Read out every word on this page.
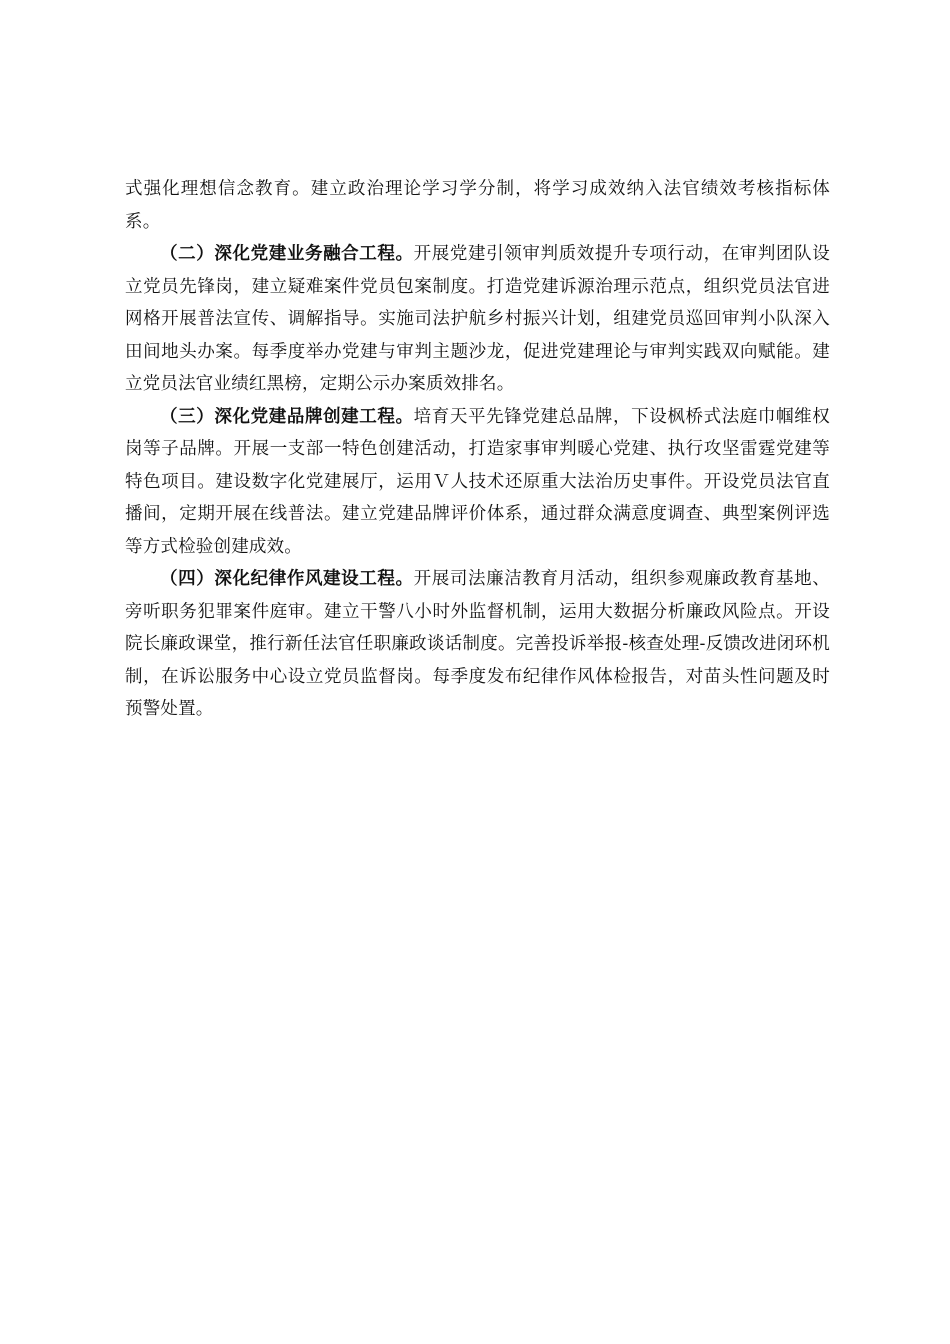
式强化理想信念教育。建立政治理论学习学分制，将学习成效纳入法官绩效考核指标体系。

（二）深化党建业务融合工程。开展党建引领审判质效提升专项行动，在审判团队设立党员先锋岗，建立疑难案件党员包案制度。打造党建诉源治理示范点，组织党员法官进网格开展普法宣传、调解指导。实施司法护航乡村振兴计划，组建党员巡回审判小队深入田间地头办案。每季度举办党建与审判主题沙龙，促进党建理论与审判实践双向赋能。建立党员法官业绩红黑榜，定期公示办案质效排名。

（三）深化党建品牌创建工程。培育天平先锋党建总品牌，下设枫桥式法庭巾帼维权岗等子品牌。开展一支部一特色创建活动，打造家事审判暖心党建、执行攻坚雷霆党建等特色项目。建设数字化党建展厅，运用Ｖ人技术还原重大法治历史事件。开设党员法官直播间，定期开展在线普法。建立党建品牌评价体系，通过群众满意度调查、典型案例评选等方式检验创建成效。

（四）深化纪律作风建设工程。开展司法廉洁教育月活动，组织参观廉政教育基地、旁听职务犯罪案件庭审。建立干警八小时外监督机制，运用大数据分析廉政风险点。开设院长廉政课堂，推行新任法官任职廉政谈话制度。完善投诉举报-核查处理-反馈改进闭环机制，在诉讼服务中心设立党员监督岗。每季度发布纪律作风体检报告，对苗头性问题及时预警处置。
